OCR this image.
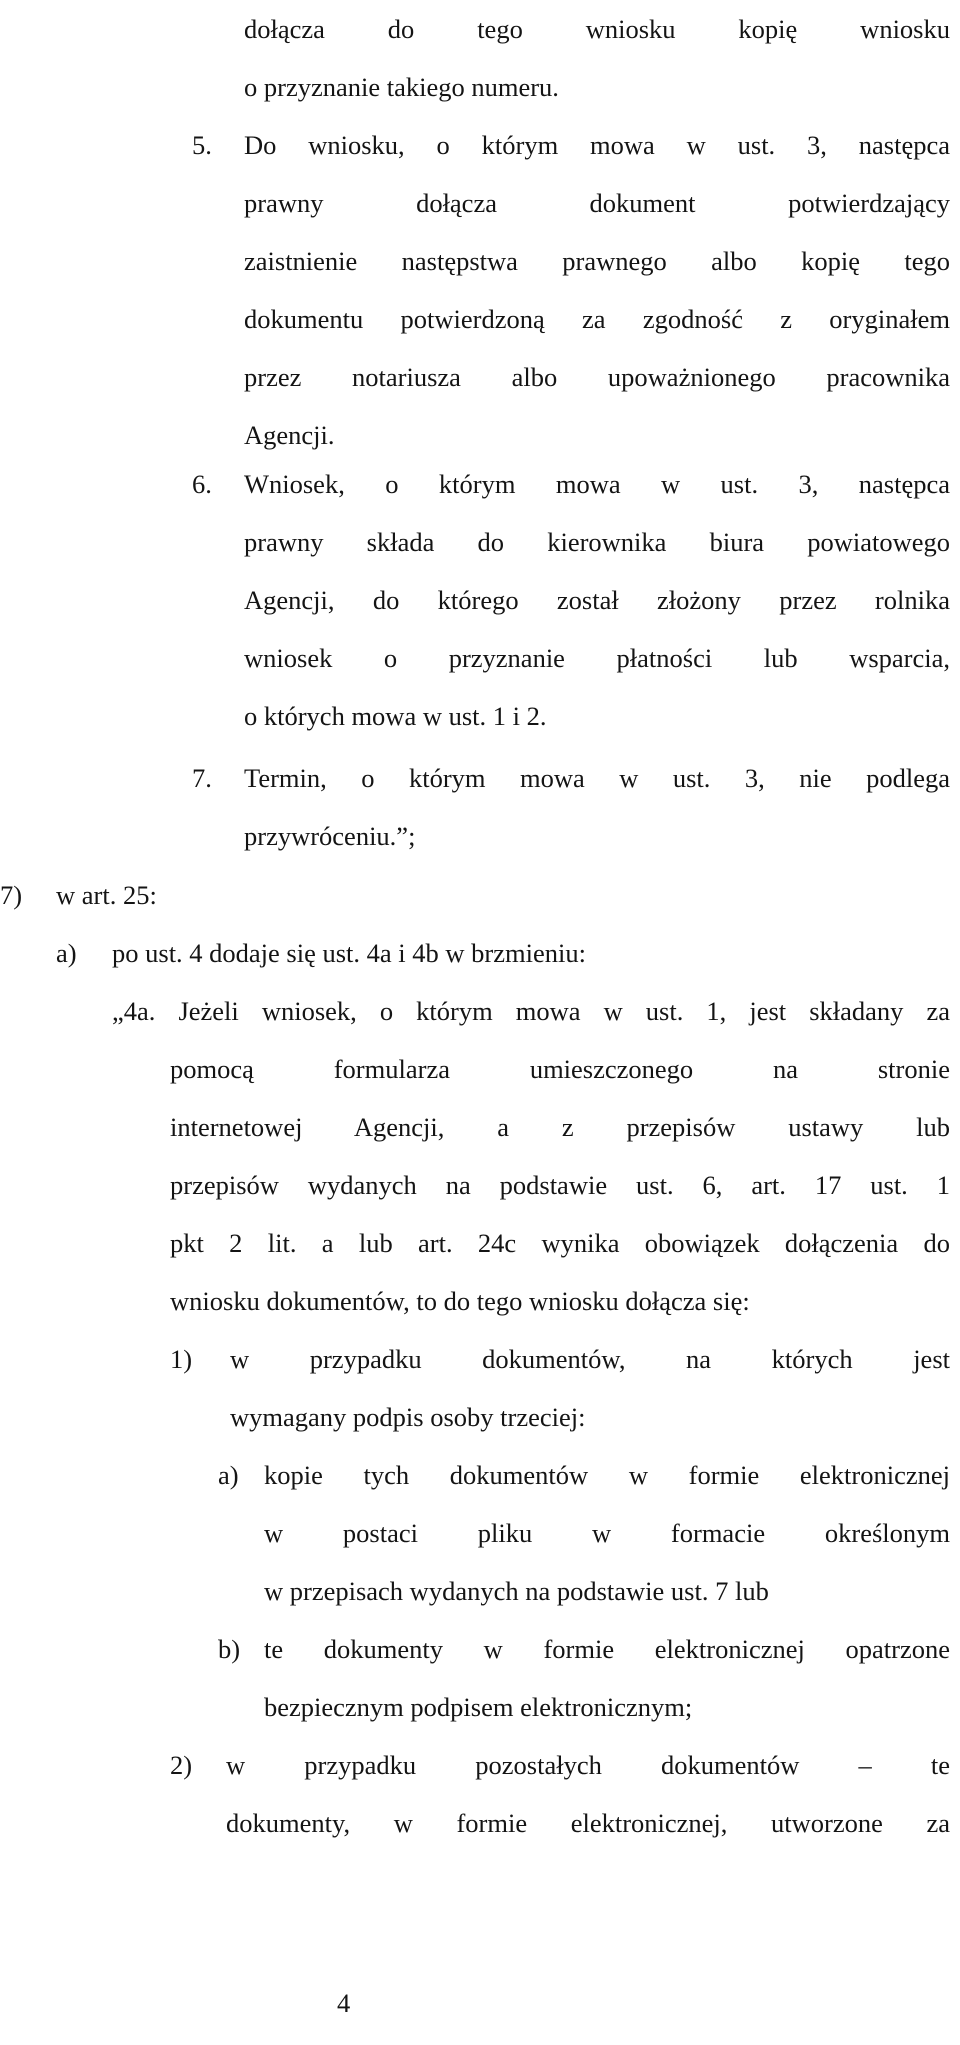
dołącza do tego wniosku kopię wniosku
o przyznanie takiego numeru.
5. Do wniosku, o którym mowa w ust. 3, następca
prawny dołącza dokument potwierdzający
zaistnienie następstwa prawnego albo kopię tego
dokumentu potwierdzoną za zgodność z oryginałem
przez notariusza albo upoważnionego pracownika
Agencji.
6. Wniosek, o którym mowa w ust. 3, następca
prawny składa do kierownika biura powiatowego
Agencji, do którego został złożony przez rolnika
wniosek o przyznanie płatności lub wsparcia,
o których mowa w ust. 1 i 2.
7. Termin, o którym mowa w ust. 3, nie podlega
przywróceniu.”;
7) w art. 25:
a) po ust. 4 dodaje się ust. 4a i 4b w brzmieniu:
„4a. Jeżeli wniosek, o którym mowa w ust. 1, jest składany za
pomocą formularza umieszczonego na stronie
internetowej Agencji, a z przepisów ustawy lub
przepisów wydanych na podstawie ust. 6, art. 17 ust. 1
pkt 2 lit. a lub art. 24c wynika obowiązek dołączenia do
wniosku dokumentów, to do tego wniosku dołącza się:
1) w przypadku dokumentów, na których jest
wymagany podpis osoby trzeciej:
a) kopie tych dokumentów w formie elektronicznej
w postaci pliku w formacie określonym
w przepisach wydanych na podstawie ust. 7 lub
b) te dokumenty w formie elektronicznej opatrzone
bezpiecznym podpisem elektronicznym;
2) w przypadku pozostałych dokumentów – te
dokumenty, w formie elektronicznej, utworzone za
4
